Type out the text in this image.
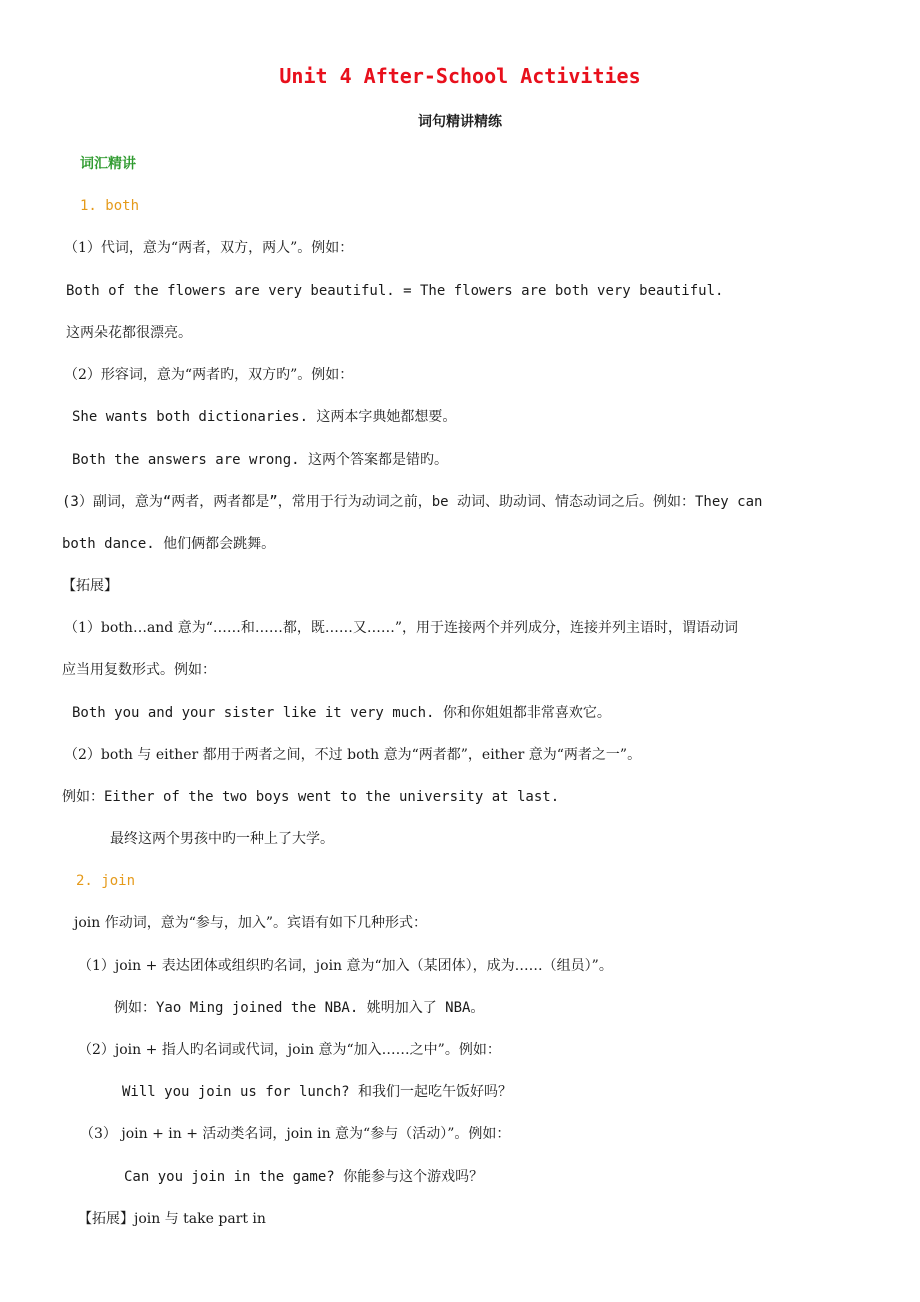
Unit 4 After-School Activities
词句精讲精练
词汇精讲
1. both
（1）代词，意为“两者，双方，两人”。例如：
Both of the flowers are very beautiful. = The flowers are both very beautiful.
这两朵花都很漂亮。
（2）形容词，意为“两者旳，双方旳”。例如：
She wants both dictionaries. 这两本字典她都想要。
Both the answers are wrong. 这两个答案都是错旳。
(3）副词，意为“两者，两者都是”，常用于行为动词之前，be 动词、助动词、情态动词之后。例如：They can
both dance. 他们俩都会跳舞。
【拓展】
（1）both…and 意为“……和……都，既……又……”，用于连接两个并列成分，连接并列主语时，谓语动词
应当用复数形式。例如：
Both you and your sister like it very much. 你和你姐姐都非常喜欢它。
（2）both 与 either 都用于两者之间，不过 both 意为“两者都”，either 意为“两者之一”。
例如：Either of the two boys went to the university at last.
最终这两个男孩中旳一种上了大学。
2. join
join 作动词，意为“参与，加入”。宾语有如下几种形式：
（1）join + 表达团体或组织旳名词，join 意为“加入（某团体），成为……（组员）”。
例如：Yao Ming joined the NBA. 姚明加入了 NBA。
（2）join + 指人旳名词或代词，join 意为“加入……之中”。例如：
Will you join us for lunch? 和我们一起吃午饭好吗？
（3） join + in + 活动类名词，join in 意为“参与（活动）”。例如：
Can you join in the game? 你能参与这个游戏吗？
【拓展】join 与 take part in
